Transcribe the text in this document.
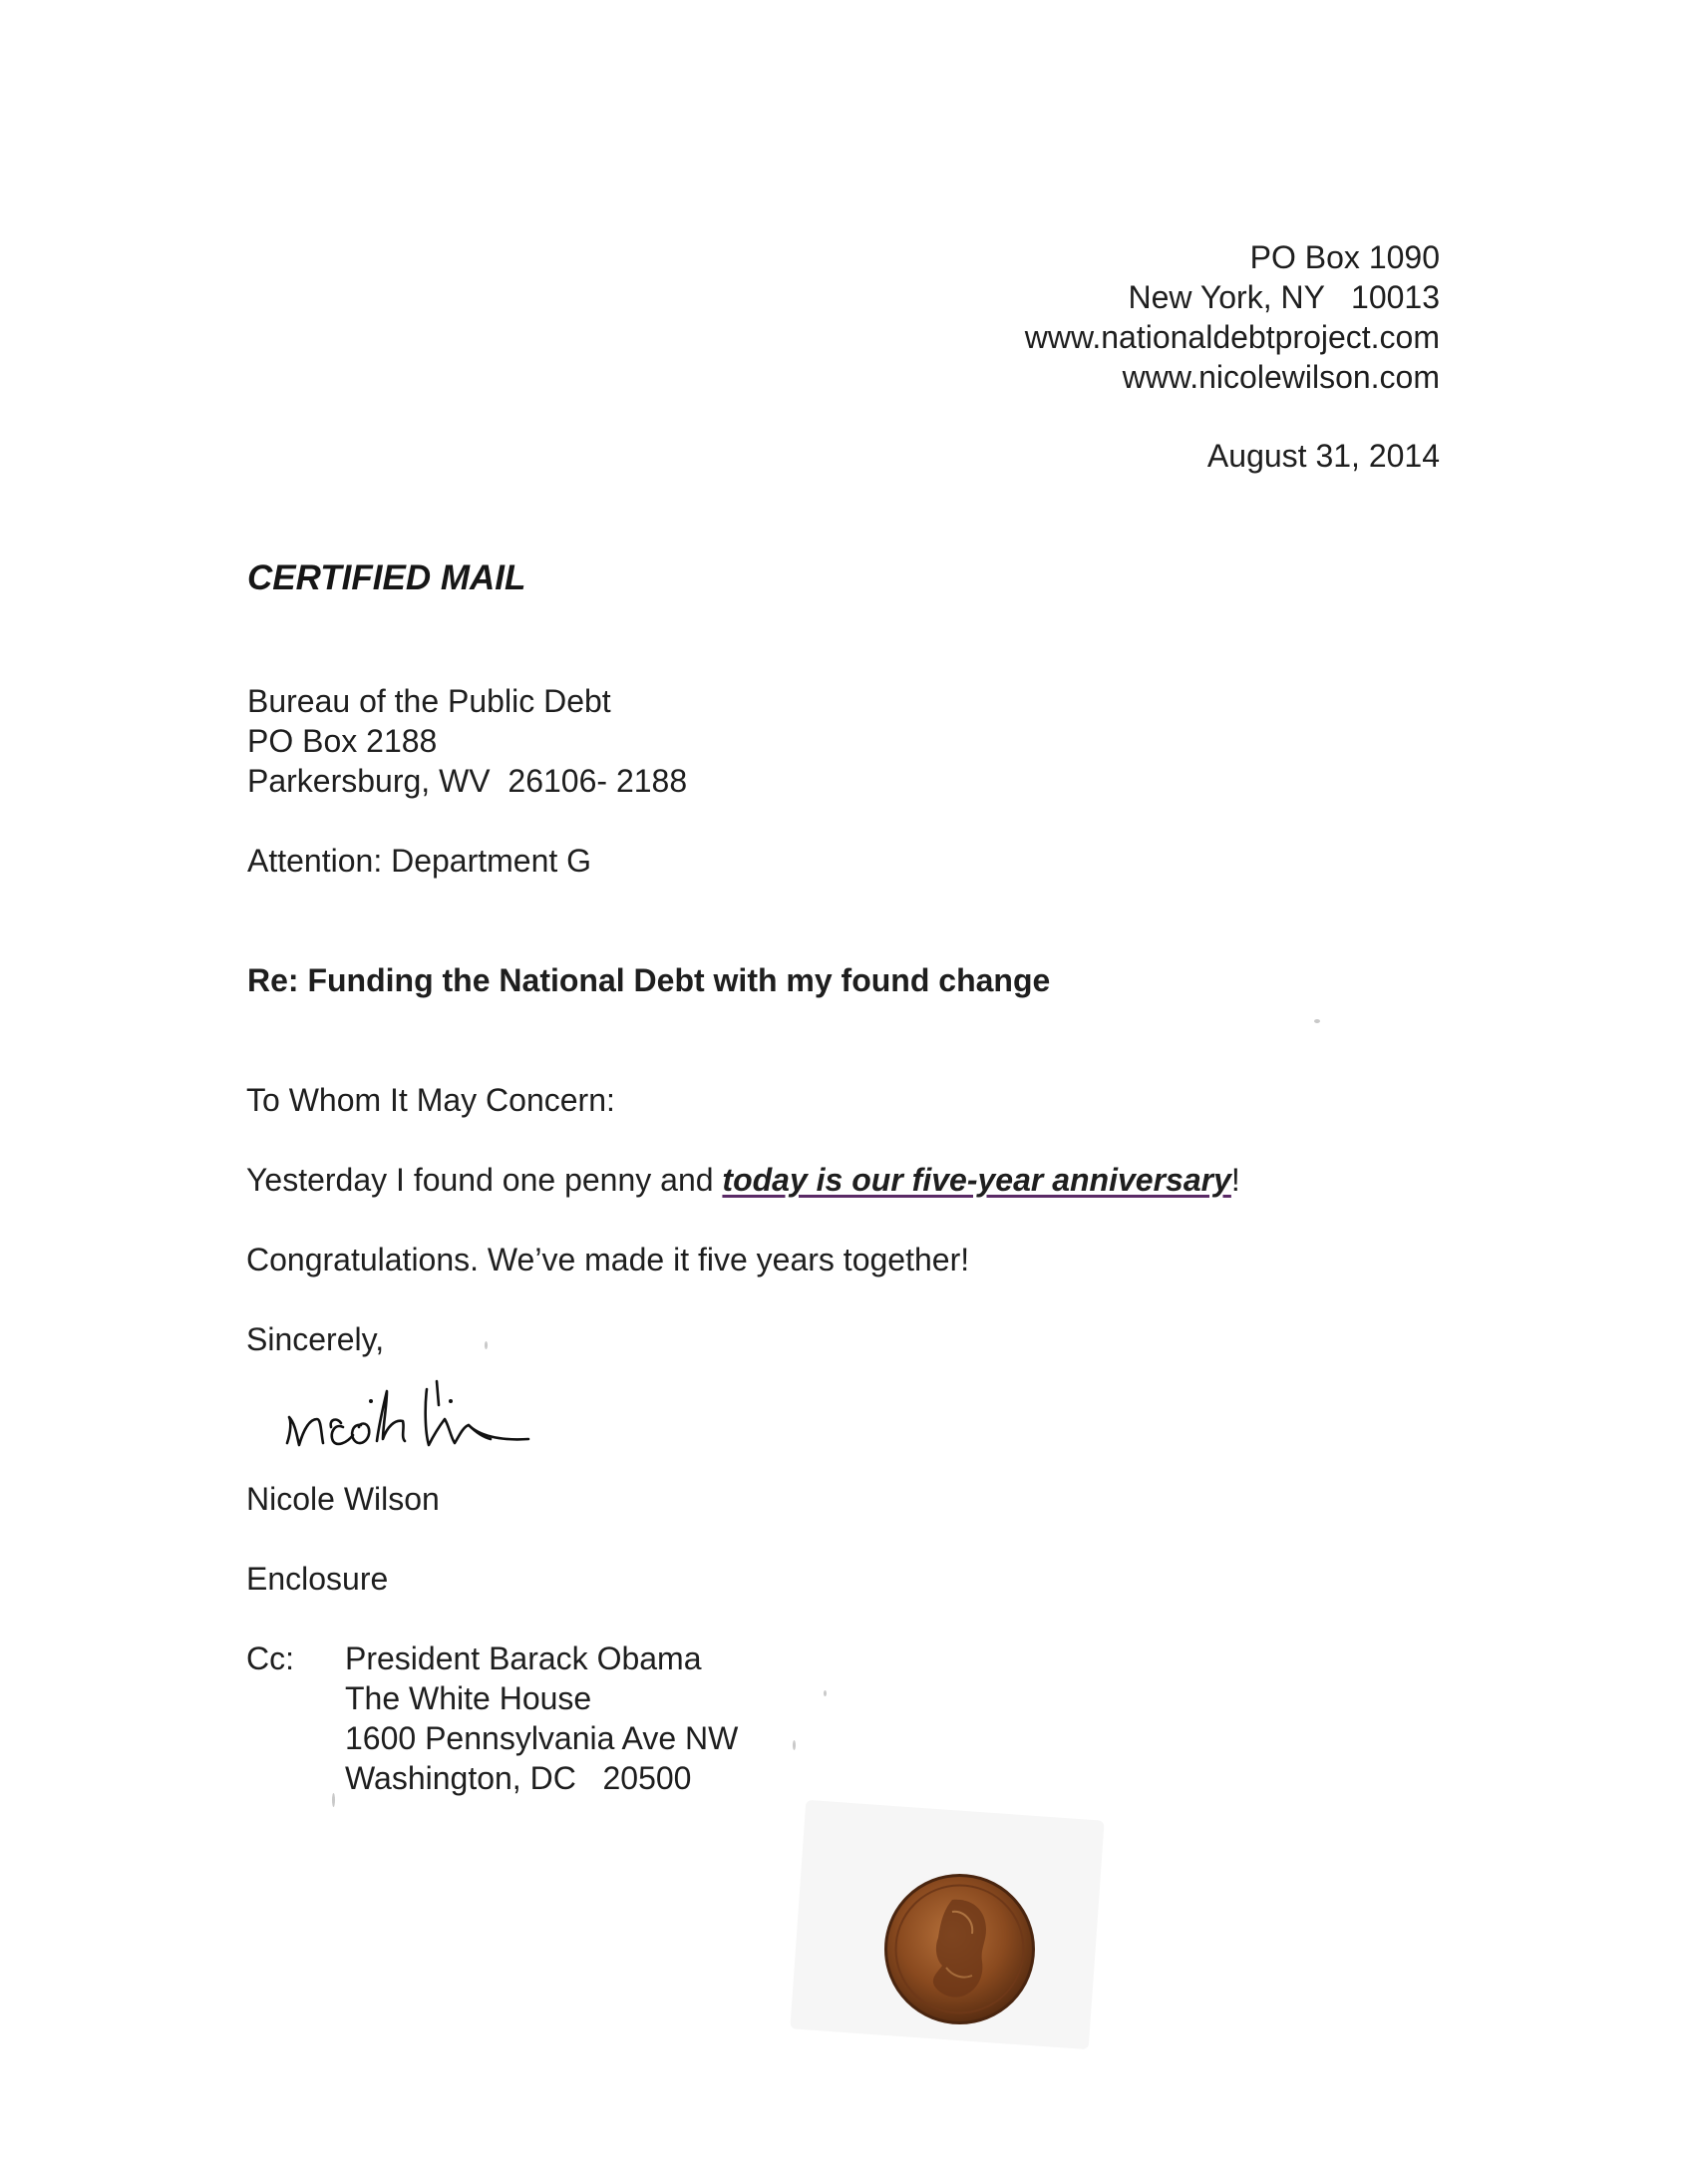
PO Box 1090
New York, NY   10013
www.nationaldebtproject.com
www.nicolewilson.com
August 31, 2014
CERTIFIED MAIL
Bureau of the Public Debt
PO Box 2188
Parkersburg, WV  26106- 2188
Attention: Department G
Re: Funding the National Debt with my found change
To Whom It May Concern:
Yesterday I found one penny and today is our five-year anniversary!
Congratulations. We’ve made it five years together!
Sincerely,
Nicole Wilson
Nicole Wilson
Enclosure
Cc: President Barack Obama
The White House
1600 Pennsylvania Ave NW
Washington, DC   20500
